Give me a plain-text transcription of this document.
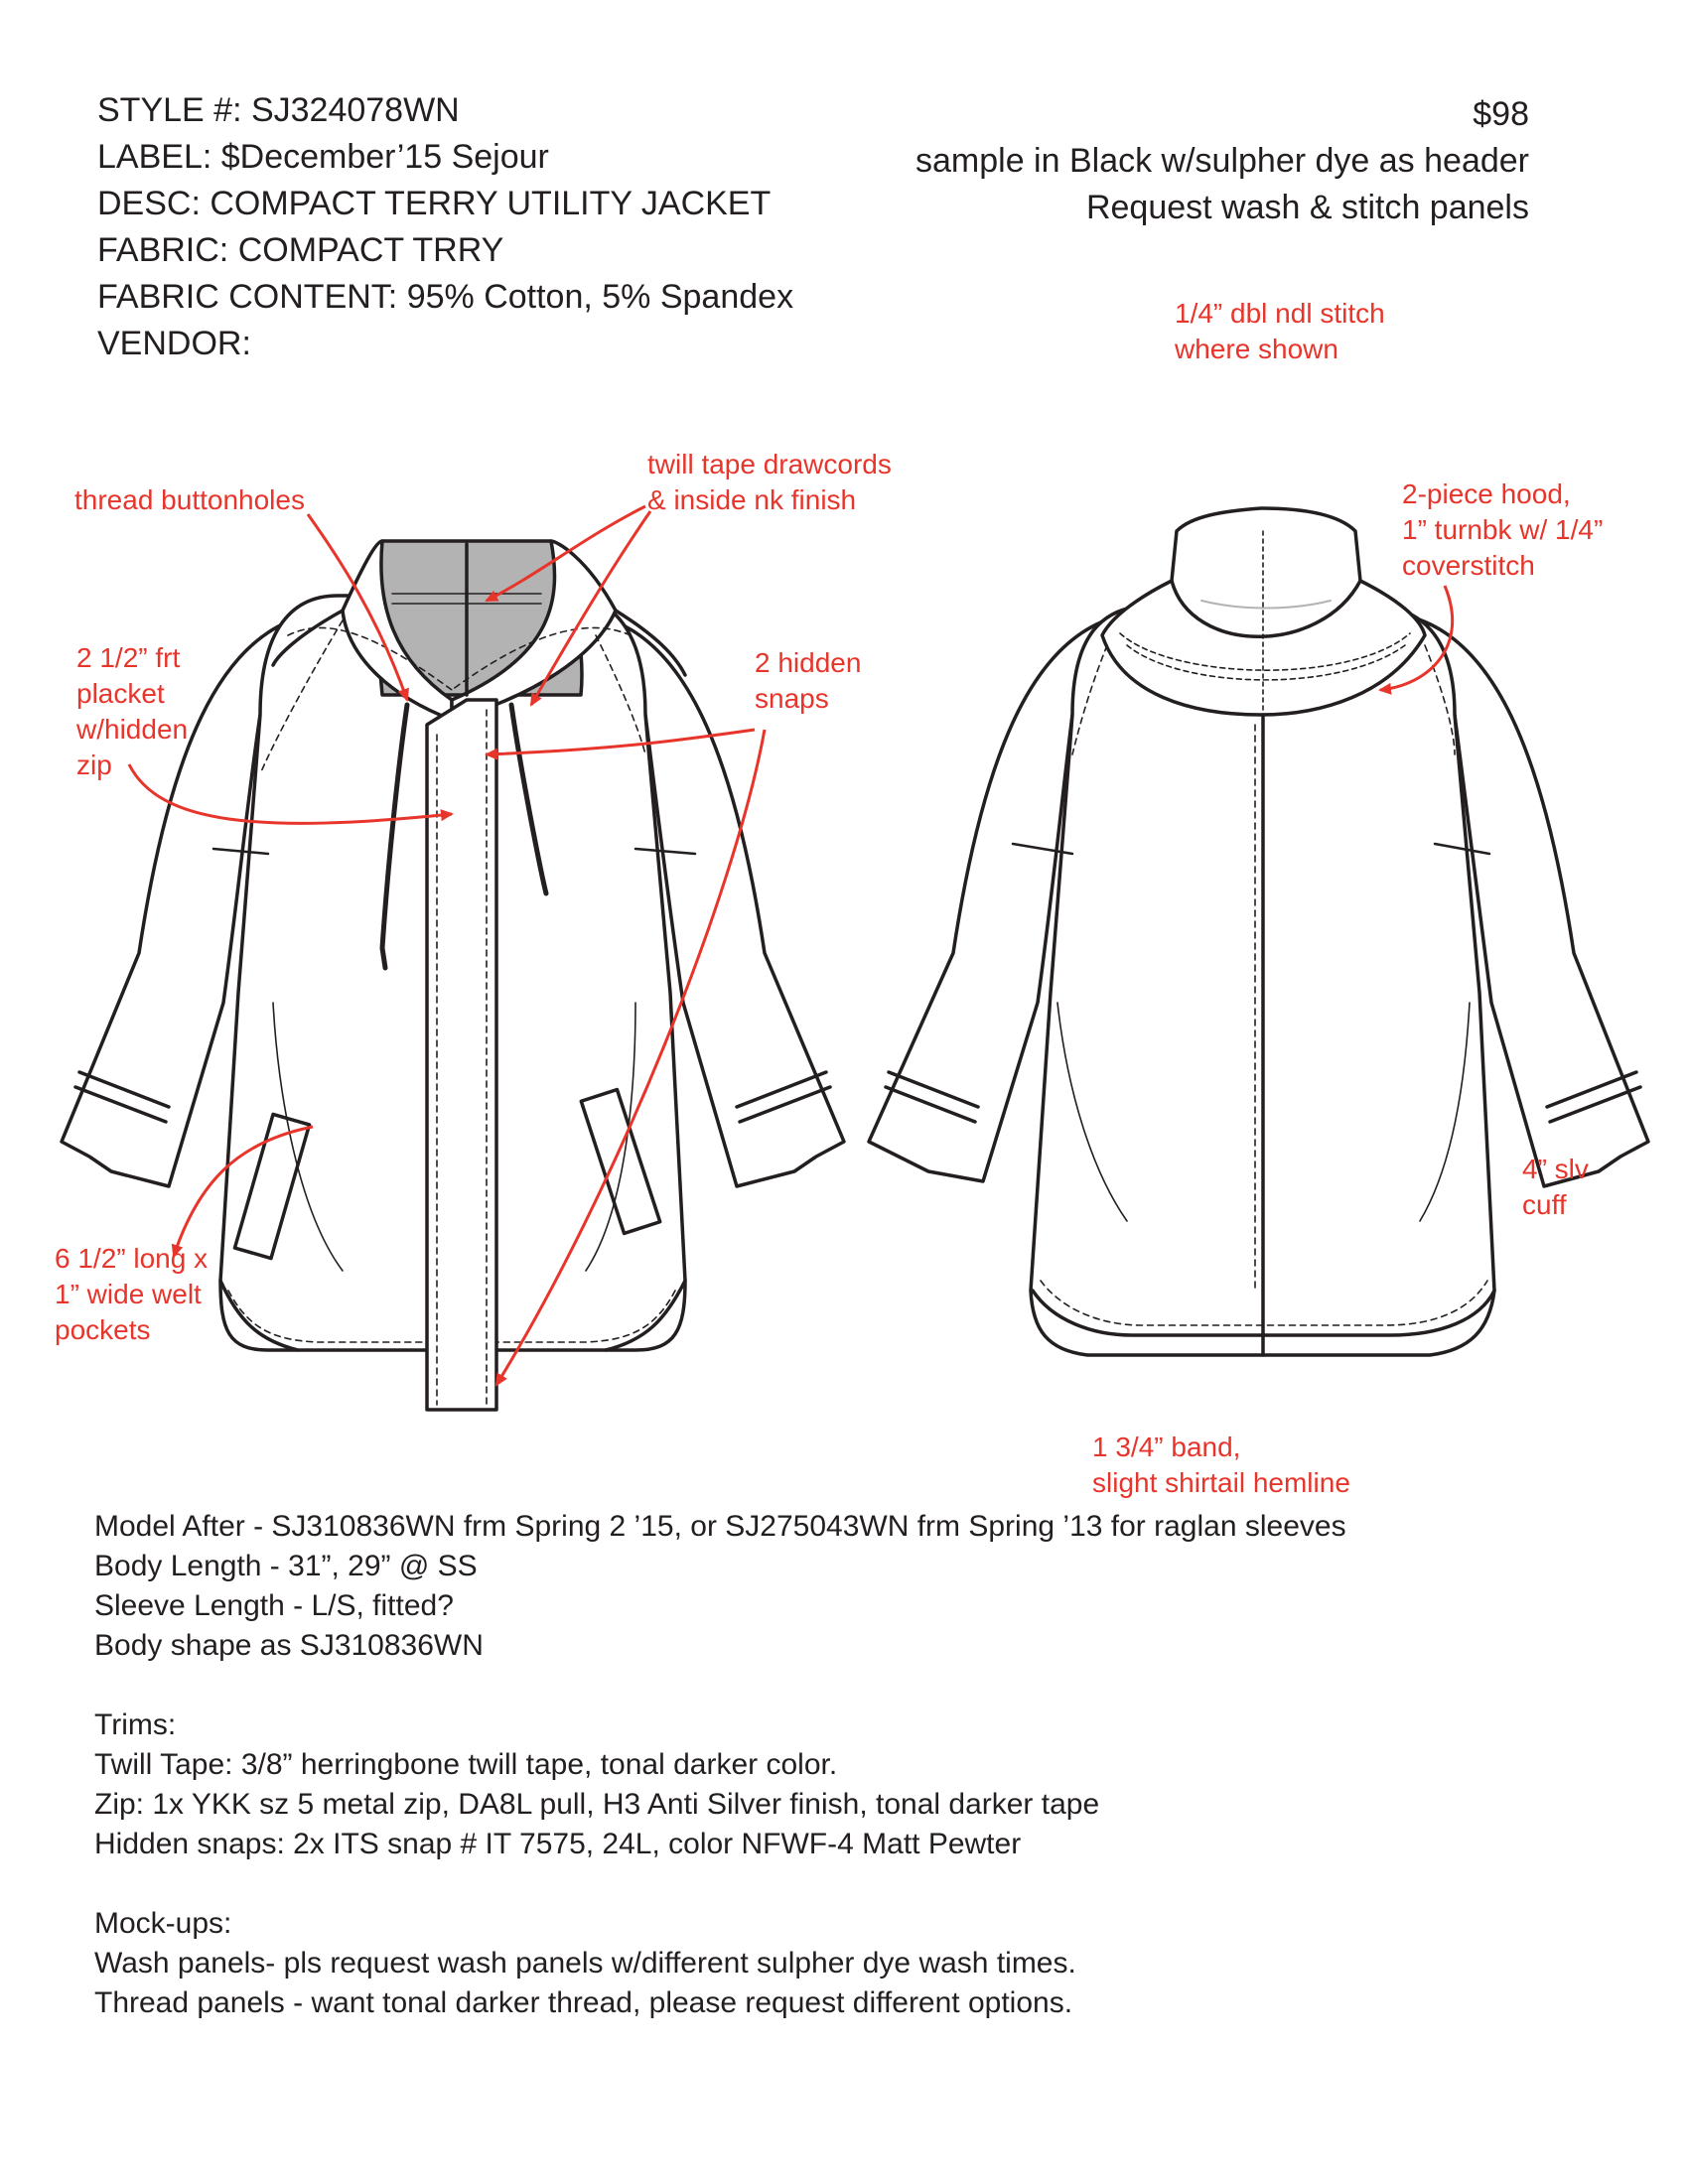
STYLE #: SJ324078WN
LABEL: $December’15 Sejour
DESC: COMPACT TERRY UTILITY JACKET
FABRIC: COMPACT TRRY
FABRIC CONTENT: 95% Cotton, 5% Spandex
VENDOR:
$98
sample in Black w/sulpher dye as header
Request wash & stitch panels
1/4” dbl ndl stitch
where shown
thread buttonholes
twill tape drawcords
& inside nk finish	2-piece hood,
1” turnbk w/ 1/4”
coverstitch
2 1/2” frt
placket
w/hidden
zip
2 hidden
snaps
4” slv
cuff
6 1/2” long x
1” wide welt
pockets
1 3/4” band,
slight shirtail hemline
Model After - SJ310836WN frm Spring 2 ’15, or SJ275043WN frm Spring ’13 for raglan sleeves
Body Length - 31”, 29” @ SS
Sleeve Length - L/S, fitted?
Body shape as SJ310836WN
Trims:
Twill Tape: 3/8” herringbone twill tape, tonal darker color.
Zip: 1x YKK sz 5 metal zip, DA8L pull, H3 Anti Silver finish, tonal darker tape
Hidden snaps: 2x ITS snap # IT 7575, 24L, color NFWF-4 Matt Pewter
Mock-ups:
Wash panels- pls request wash panels w/different sulpher dye wash times.
Thread panels - want tonal darker thread, please request different options.
